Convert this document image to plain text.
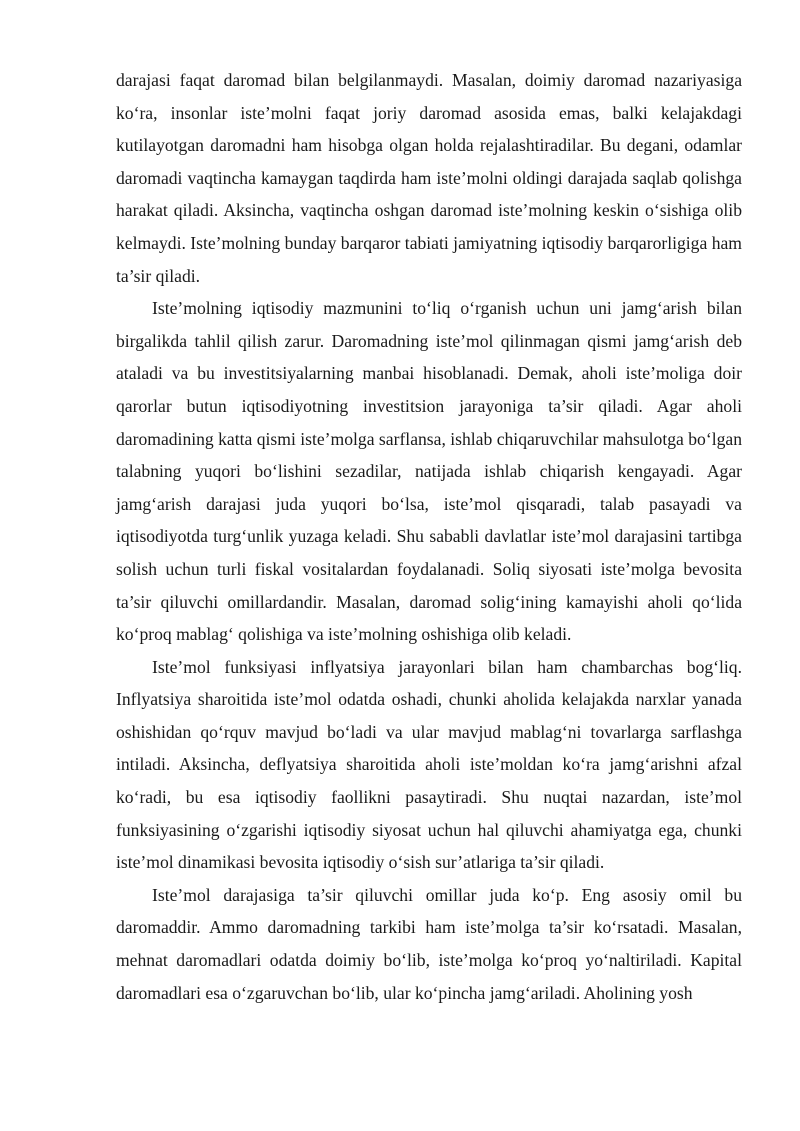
darajasi faqat daromad bilan belgilanmaydi. Masalan, doimiy daromad nazariyasiga ko‘ra, insonlar iste’molni faqat joriy daromad asosida emas, balki kelajakdagi kutilayotgan daromadni ham hisobga olgan holda rejalashtiradilar. Bu degani, odamlar daromadi vaqtincha kamaygan taqdirda ham iste’molni oldingi darajada saqlab qolishga harakat qiladi. Aksincha, vaqtincha oshgan daromad iste’molning keskin o‘sishiga olib kelmaydi. Iste’molning bunday barqaror tabiati jamiyatning iqtisodiy barqarorligiga ham ta’sir qiladi.

Iste’molning iqtisodiy mazmunini to‘liq o‘rganish uchun uni jamg‘arish bilan birgalikda tahlil qilish zarur. Daromadning iste’mol qilinmagan qismi jamg‘arish deb ataladi va bu investitsiyalarning manbai hisoblanadi. Demak, aholi iste’moliga doir qarorlar butun iqtisodiyotning investitsion jarayoniga ta’sir qiladi. Agar aholi daromadining katta qismi iste’molga sarflansa, ishlab chiqaruvchilar mahsulotga bo‘lgan talabning yuqori bo‘lishini sezadilar, natijada ishlab chiqarish kengayadi. Agar jamg‘arish darajasi juda yuqori bo‘lsa, iste’mol qisqaradi, talab pasayadi va iqtisodiyotda turg‘unlik yuzaga keladi. Shu sababli davlatlar iste’mol darajasini tartibga solish uchun turli fiskal vositalardan foydalanadi. Soliq siyosati iste’molga bevosita ta’sir qiluvchi omillardandir. Masalan, daromad solig‘ining kamayishi aholi qo‘lida ko‘proq mablag‘ qolishiga va iste’molning oshishiga olib keladi.

Iste’mol funksiyasi inflyatsiya jarayonlari bilan ham chambarchas bog‘liq. Inflyatsiya sharoitida iste’mol odatda oshadi, chunki aholida kelajakda narxlar yanada oshishidan qo‘rquv mavjud bo‘ladi va ular mavjud mablag‘ni tovarlarga sarflashga intiladi. Aksincha, deflyatsiya sharoitida aholi iste’moldan ko‘ra jamg‘arishni afzal ko‘radi, bu esa iqtisodiy faollikni pasaytiradi. Shu nuqtai nazardan, iste’mol funksiyasining o‘zgarishi iqtisodiy siyosat uchun hal qiluvchi ahamiyatga ega, chunki iste’mol dinamikasi bevosita iqtisodiy o‘sish sur’atlariga ta’sir qiladi.

Iste’mol darajasiga ta’sir qiluvchi omillar juda ko‘p. Eng asosiy omil bu daromaddir. Ammo daromadning tarkibi ham iste’molga ta’sir ko‘rsatadi. Masalan, mehnat daromadlari odatda doimiy bo‘lib, iste’molga ko‘proq yo‘naltiriladi. Kapital daromadlari esa o‘zgaruvchan bo‘lib, ular ko‘pincha jamg‘ariladi. Aholining yosh
